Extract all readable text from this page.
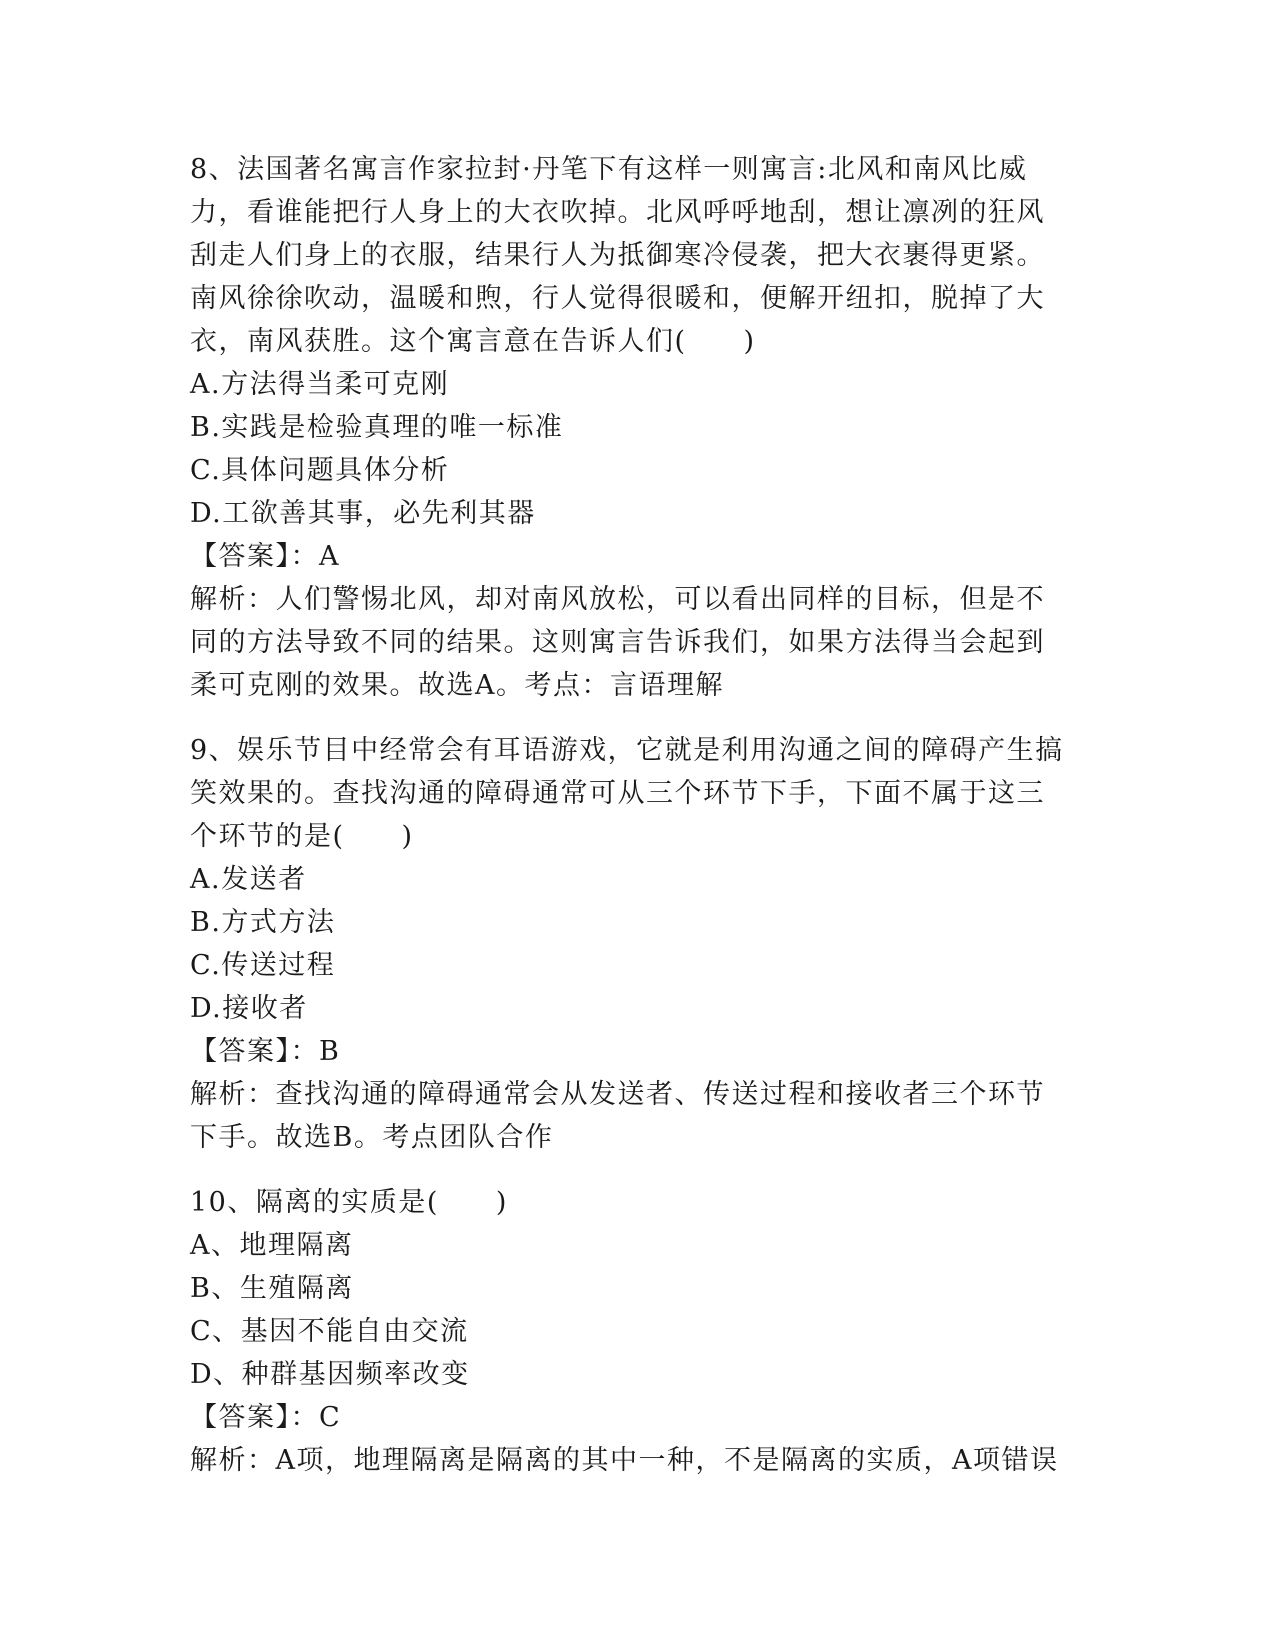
8、法国著名寓言作家拉封·丹笔下有这样一则寓言:北风和南风比威
力，看谁能把行人身上的大衣吹掉。北风呼呼地刮，想让凛冽的狂风
刮走人们身上的衣服，结果行人为抵御寒冷侵袭，把大衣裹得更紧。
南风徐徐吹动，温暖和煦，行人觉得很暖和，便解开纽扣，脱掉了大
衣，南风获胜。这个寓言意在告诉人们(　　)
A.方法得当柔可克刚
B.实践是检验真理的唯一标准
C.具体问题具体分析
D.工欲善其事，必先利其器
【答案】：A
解析：人们警惕北风，却对南风放松，可以看出同样的目标，但是不
同的方法导致不同的结果。这则寓言告诉我们，如果方法得当会起到
柔可克刚的效果。故选A。考点：言语理解
9、娱乐节目中经常会有耳语游戏，它就是利用沟通之间的障碍产生搞
笑效果的。查找沟通的障碍通常可从三个环节下手，下面不属于这三
个环节的是(　　)
A.发送者
B.方式方法
C.传送过程
D.接收者
【答案】：B
解析：查找沟通的障碍通常会从发送者、传送过程和接收者三个环节
下手。故选B。考点团队合作
10、隔离的实质是(　　)
A、地理隔离
B、生殖隔离
C、基因不能自由交流
D、种群基因频率改变
【答案】：C
解析：A项，地理隔离是隔离的其中一种，不是隔离的实质，A项错误
